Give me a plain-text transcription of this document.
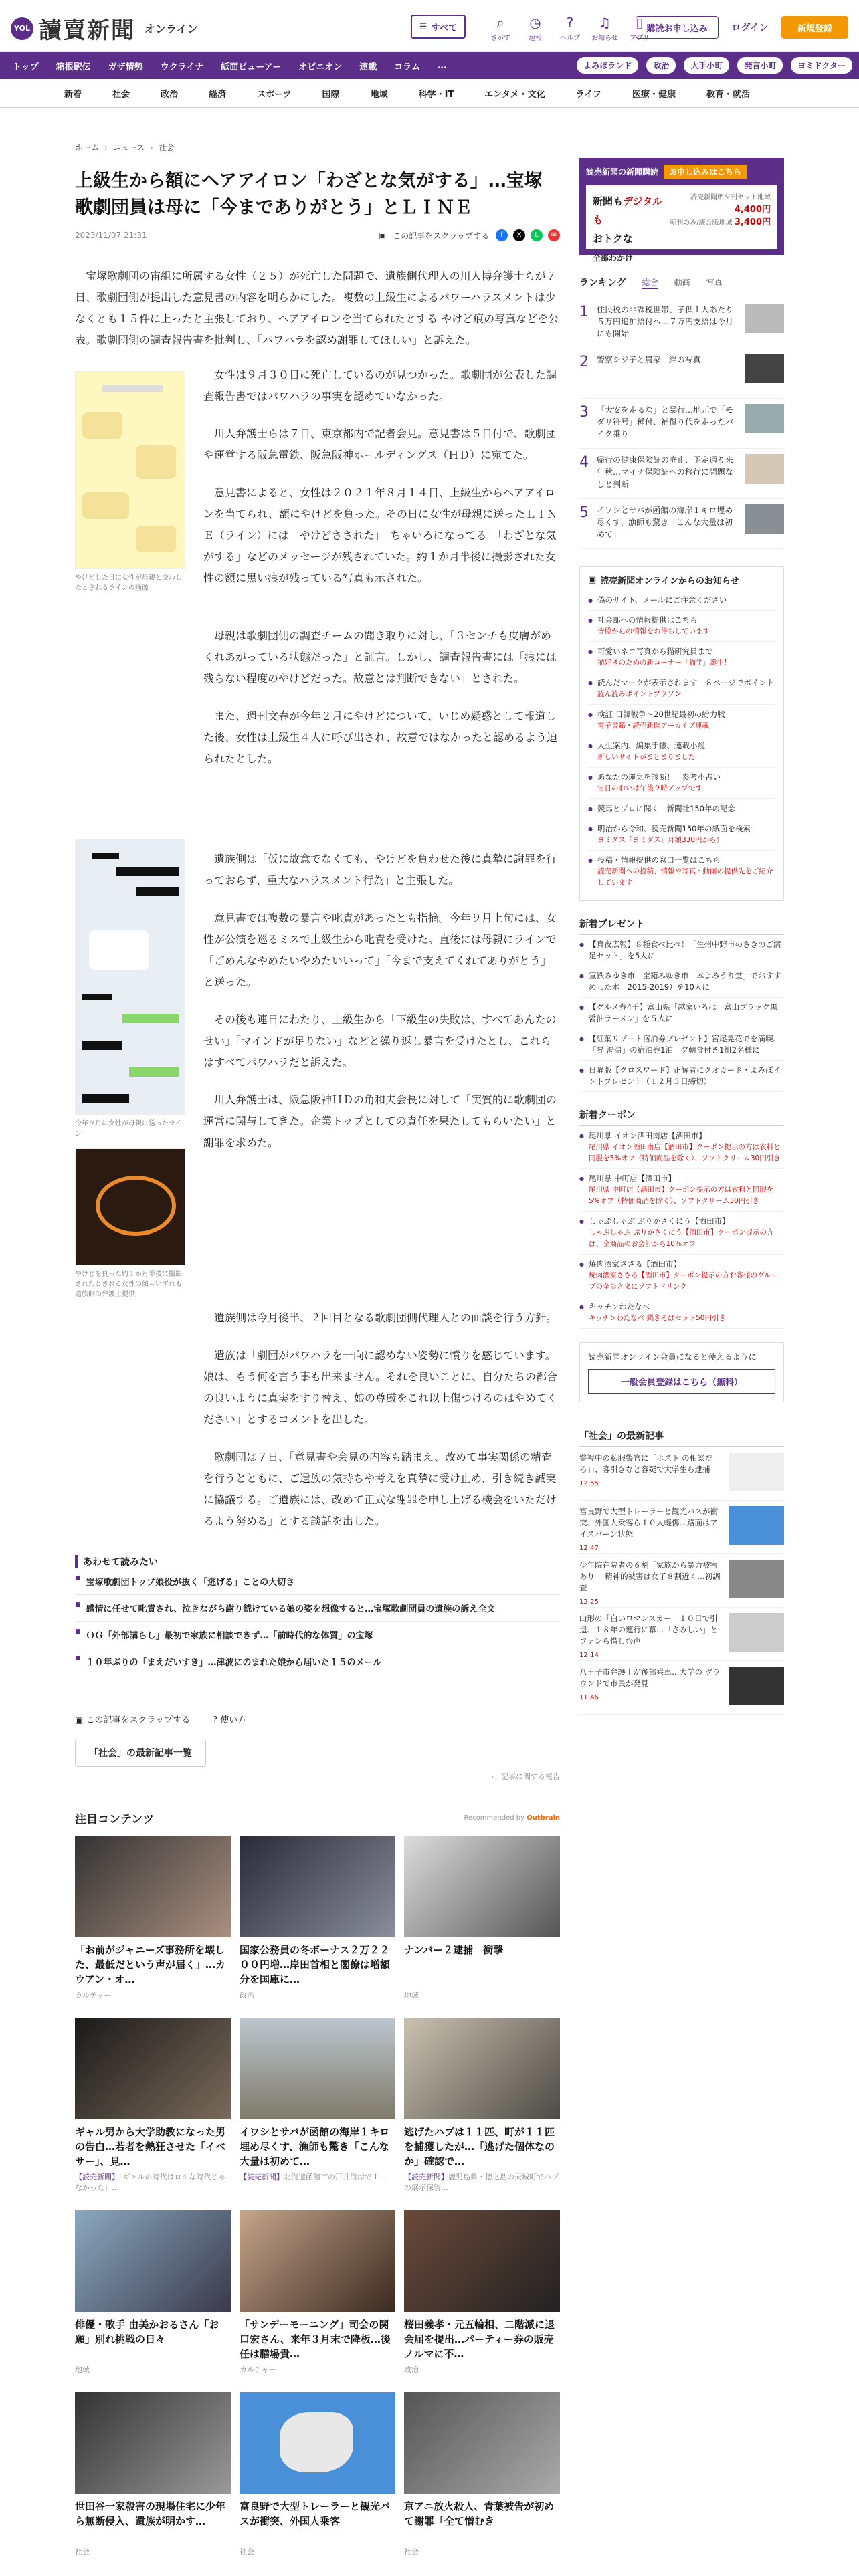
YOL 讀賣新聞 オンライン	☰ すべて	⌕
さがす
◷
速報
?
ヘルプ
♫
お知らせ
▯
アプリ
購読お申し込み	ログイン	新規登録
トップ	箱根駅伝	ガザ情勢	ウクライナ	紙面ビューアー	オピニオン	連載	コラム	…	よみほランド	政治	大手小町	発言小町	ヨミドクター
新着	社会	政治	経済	スポーツ	国際	地域	科学・IT	エンタメ・文化	ライフ	医療・健康	教育・就活
ホーム › ニュース › 社会
上級生から額にヘアアイロン「わざとな気がする」…宝塚歌劇団員は母に「今までありがとう」とＬＩＮＥ
2023/11/07 21:31	▣ この記事をスクラップする	f	X	L	✉

宝塚歌劇団の宙組に所属する女性（２５）が死亡した問題で、遺族側代理人の川人博弁護士らが７日、歌劇団側が提出した意見書の内容を明らかにした。複数の上級生によるパワーハラスメントは少なくとも１５件に上ったと主張しており、ヘアアイロンを当てられたとする やけど痕の写真などを公表。歌劇団側の調査報告書を批判し、「パワハラを認め謝罪してほしい」と訴えた。

やけどした日に女性が母親と交わしたとされるラインの画像

女性は９月３０日に死亡しているのが見つかった。歌劇団が公表した調査報告書ではパワハラの事実を認めていなかった。

川人弁護士らは７日、東京都内で記者会見。意見書は５日付で、歌劇団や運営する阪急電鉄、阪急阪神ホールディングス（ＨＤ）に宛てた。

意見書によると、女性は２０２１年８月１４日、上級生からヘアアイロンを当てられ、額にやけどを負った。その日に女性が母親に送ったＬＩＮＥ（ライン）には「やけどさされた」「ちゃいろになってる」「わざとな気がする」などのメッセージが残されていた。約１か月半後に撮影された女性の額に黒い痕が残っている写真も示された。

母親は歌劇団側の調査チームの聞き取りに対し、「３センチも皮膚がめくれあがっている状態だった」と証言。しかし、調査報告書には「痕には残らない程度のやけどだった。故意とは判断できない」とされた。

また、週刊文春が今年２月にやけどについて、いじめ疑惑として報道した後、女性は上級生４人に呼び出され、故意ではなかったと認めるよう迫られたとした。

今年９月に女性が母親に送ったライン
やけどを負った約１か月半後に撮影されたとされる女性の額＝いずれも遺族側の弁護士提供

遺族側は「仮に故意でなくても、やけどを負わせた後に真摯に謝罪を行っておらず、重大なハラスメント行為」と主張した。

意見書では複数の暴言や叱責があったとも指摘。今年９月上旬には、女性が公演を巡るミスで上級生から叱責を受けた。直後には母親にラインで「ごめんなやめたいやめたいいって」「今まで支えてくれてありがとう」と送った。

その後も連日にわたり、上級生から「下級生の失敗は、すべてあんたのせい」「マインドが足りない」などと繰り返し暴言を受けたとし、これらはすべてパワハラだと訴えた。

川人弁護士は、阪急阪神ＨＤの角和夫会長に対して「実質的に歌劇団の運営に関与してきた。企業トップとしての責任を果たしてもらいたい」と謝罪を求めた。

遺族側は今月後半、２回目となる歌劇団側代理人との面談を行う方針。

遺族は「劇団がパワハラを一向に認めない姿勢に憤りを感じています。娘は、もう何を言う事も出来ません。それを良いことに、自分たちの都合の良いように真実をすり替え、娘の尊厳をこれ以上傷つけるのはやめてください」とするコメントを出した。

歌劇団は７日、「意見書や会見の内容も踏まえ、改めて事実関係の精査を行うとともに、ご遺族の気持ちや考えを真摯に受け止め、引き続き誠実に協議する。ご遺族には、改めて正式な謝罪を申し上げる機会をいただけるよう努める」とする談話を出した。

あわせて読みたい
■ 宝塚歌劇団トップ娘役が抜く「逃げる」ことの大切さ
■ 感情に任せて叱責され、泣きながら謝り続けている娘の姿を想像すると…宝塚歌劇団員の遺族の訴え全文
■ ＯＧ「外部講らし」最初で家族に相談できず…「前時代的な体質」の宝塚
■ １０年ぶりの「まえだいすき」…津波にのまれた娘から届いた１５のメール
▣ この記事をスクラップする	? 使い方
「社会」の最新記事一覧
▭ 記事に関する報告
注目コンテンツ	Recommended by Outbrain
「お前がジャニーズ事務所を壊した、最低だという声が届く」…カウアン・オ…
カルチャー
国家公務員の冬ボーナス２万２２００円増…岸田首相と閣僚は増額分を国庫に…
政治
ナンバー２逮捕　衝撃
地域
ギャル男から大学助教になった男の告白…若者を熱狂させた「イベサー」、見…
【読売新聞】「ギャルの時代はロクな時代じゃなかった」…
イワシとサバが函館の海岸１キロ埋め尽くす、漁師も驚き「こんな大量は初めて…
【読売新聞】北海道函館市の戸井海岸で１…
逃げたハブは１１匹、町が１１匹を捕獲したが…「逃げた個体なのか」確認で…
【読売新聞】鹿児島県・徳之島の天城町でハブの展示保管…
俳優・歌手 由美かおるさん「お願」別れ挑戦の日々
地域
「サンデーモーニング」司会の関口宏さん、来年３月末で降板…後任は膳場貴…
カルチャー
桜田義孝・元五輪相、二階派に退会届を提出…パーティー券の販売ノルマに不…
政治
世田谷一家殺害の現場住宅に少年ら無断侵入、遺族が明かす…
社会
富良野で大型トレーラーと観光バスが衝突、外国人乗客
社会
京アニ放火殺人、青葉被告が初めて謝罪「全て憎むき
社会
読売新聞の新聞購読	お申し込みはこちら
新聞もデジタルも
おトクな
全部わかけ
読売新聞朝夕刊セット地域 4,400円
朝刊のみ/統合版地域 3,400円
ランキング 総合 動画 写真
1 住民税の非課税世帯、子供１人あたり５万円追加給付へ…７万円支給は今月にも開始
2 警察シジ子と農家　絆の写真
3 「大安を走るな」と暴行…地元で「モダリ符号」種付、補償り代を走ったバイク乗り
4 帰行の健康保険証の廃止、予定通り来年秋…マイナ保険証への移行に問題なしと判断
5 イワシとサバが函館の海岸１キロ埋め尽くす、漁師も驚き「こんな大量は初めて」
▣ 読売新聞オンラインからのお知らせ
● 偽のサイト、メールにご注意ください
● 社会部への情報提供はこちら
皆様からの情報をお待ちしています
● 可愛いネコ写真から猫研究員まで
猫好きのための新コーナー「猫学」誕生！
● 読んだマークが表示されます　８ページでポイント
読ん読みポイントプラソン
● 検証 日韓戦争〜20世紀最初の紛力戦
電子書籍・読売新聞アーカイブ連載
● 人生案内、編集手帳、連載小説
新しいサイトがまとまりました
● あなたの運気を診断！　参考小占い
宙日のおいは午後９時アップです
● 競馬とプロに聞く　新聞社150年の記念
● 明治から令和、読売新聞150年の紙面を検索
ヨミダス「ヨミダス」月額330円から！
● 投稿・情報提供の窓口一覧はこちら
読売新聞への投稿、情報や写真・動画の提供先をご紹介しています
新着プレゼント
● 【真夜広報】８種食べ比べ！「生州中野市のさきのご満足セット」を5人に
● 宣鉄みゆき市「宝箱みゆき市「本よみうり堂」でおすすめした本　2015-2019）を10人に
● 【グルメ券4千】富山県「越家いろは　富山ブラック黒醤油ラーメン」を５人に
● 【紅葉リゾート宿泊券プレゼント】宮尾晃花でを満喫、「昇 湯温」の宿泊券1泊　夕朝食付き1組2名様に
● 日曜版【クロスワード】正解者にクオカード・よみぽイントプレゼント（１２月３日締切）
新着クーポン
● 尾川県 イオン酒田南店【酒田市】
尾川県 イオン酒田南店【酒田市】クーポン提示の方は衣料と同服を5%オフ（特価商品を除く）、ソフトクリーム30円引き
● 尾川県 中町店【酒田市】
尾川県 中町店【酒田市】クーポン提示の方は衣料と同服を5%オフ（特価商品を除く）、ソフトクリーム30円引き
● しゃぶしゃぶ ぷりかさくにう【酒田市】
しゃぶしゃぶ ぷりかさくにう【酒田市】クーポン提示の方は、全商品のお会計から10％オフ
● 焼肉酒家ささる【酒田市】
焼肉酒家ささる【酒田市】クーポン提示の方お客様のグループの全員さまにソフトドリンク
● キッチンわたなべ
キッチンわたなべ 鍋きそばセット50円引き
読売新聞オンライン会員になると使えるように
一般会員登録はこちら（無料）
「社会」の最新記事
警視中の私服警官に「ホスト の相談だろ」」、客引きなど容疑で大学生ら逮捕
12:55
富良野で大型トレーラーと観光バスが衝突、外国人乗客ら１０人軽傷…路面はアイスバーン状態
12:47
少年院在院者の６割「家族から暴力被害あり」 精神的被害は女子８割近く…初調査
12:25
山形の「白いロマンスカー」１０日で引退、１８年の運行に幕…「さみしい」とファンら惜しむ声
12:14
八王子市弁護士が後部乗車…大学の グラウンドで市民が発見
11:46
